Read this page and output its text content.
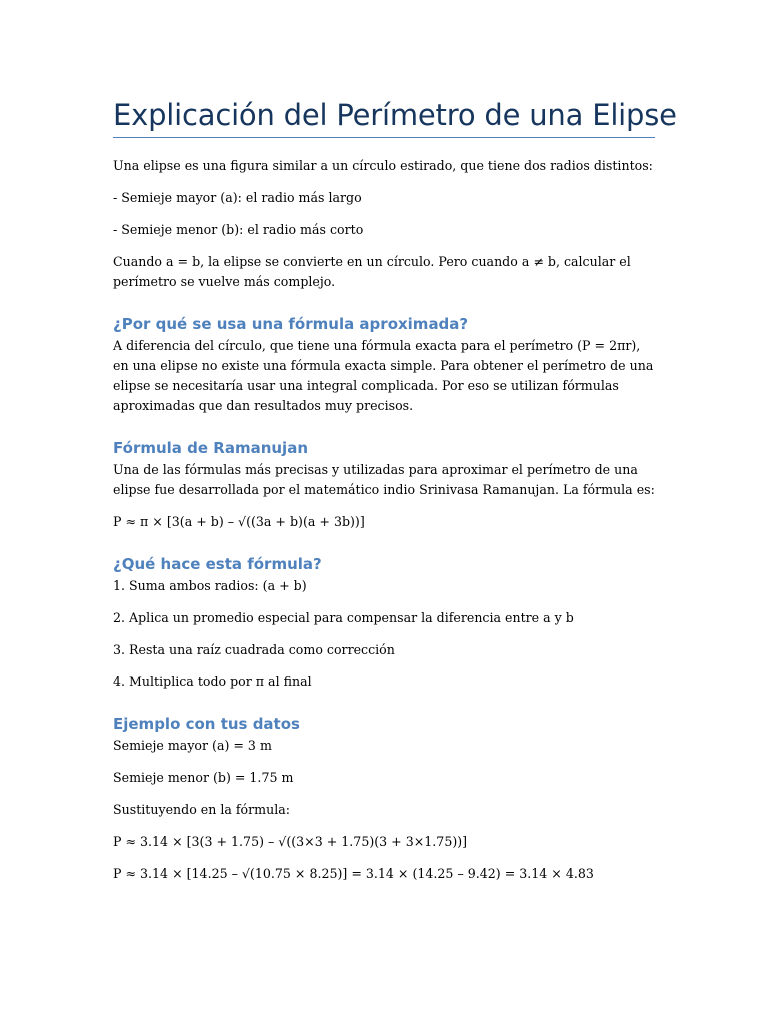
Explicación del Perímetro de una Elipse

Una elipse es una figura similar a un círculo estirado, que tiene dos radios distintos:

- Semieje mayor (a): el radio más largo

- Semieje menor (b): el radio más corto

Cuando a = b, la elipse se convierte en un círculo. Pero cuando a ≠ b, calcular el perímetro se vuelve más complejo.

¿Por qué se usa una fórmula aproximada?

A diferencia del círculo, que tiene una fórmula exacta para el perímetro (P = 2πr), en una elipse no existe una fórmula exacta simple. Para obtener el perímetro de una elipse se necesitaría usar una integral complicada. Por eso se utilizan fórmulas aproximadas que dan resultados muy precisos.

Fórmula de Ramanujan

Una de las fórmulas más precisas y utilizadas para aproximar el perímetro de una elipse fue desarrollada por el matemático indio Srinivasa Ramanujan. La fórmula es:

P ≈ π × [3(a + b) – √((3a + b)(a + 3b))]

¿Qué hace esta fórmula?

1. Suma ambos radios: (a + b)

2. Aplica un promedio especial para compensar la diferencia entre a y b

3. Resta una raíz cuadrada como corrección

4. Multiplica todo por π al final

Ejemplo con tus datos

Semieje mayor (a) = 3 m

Semieje menor (b) = 1.75 m

Sustituyendo en la fórmula:

P ≈ 3.14 × [3(3 + 1.75) – √((3×3 + 1.75)(3 + 3×1.75))]

P ≈ 3.14 × [14.25 – √(10.75 × 8.25)] = 3.14 × (14.25 – 9.42) = 3.14 × 4.83
